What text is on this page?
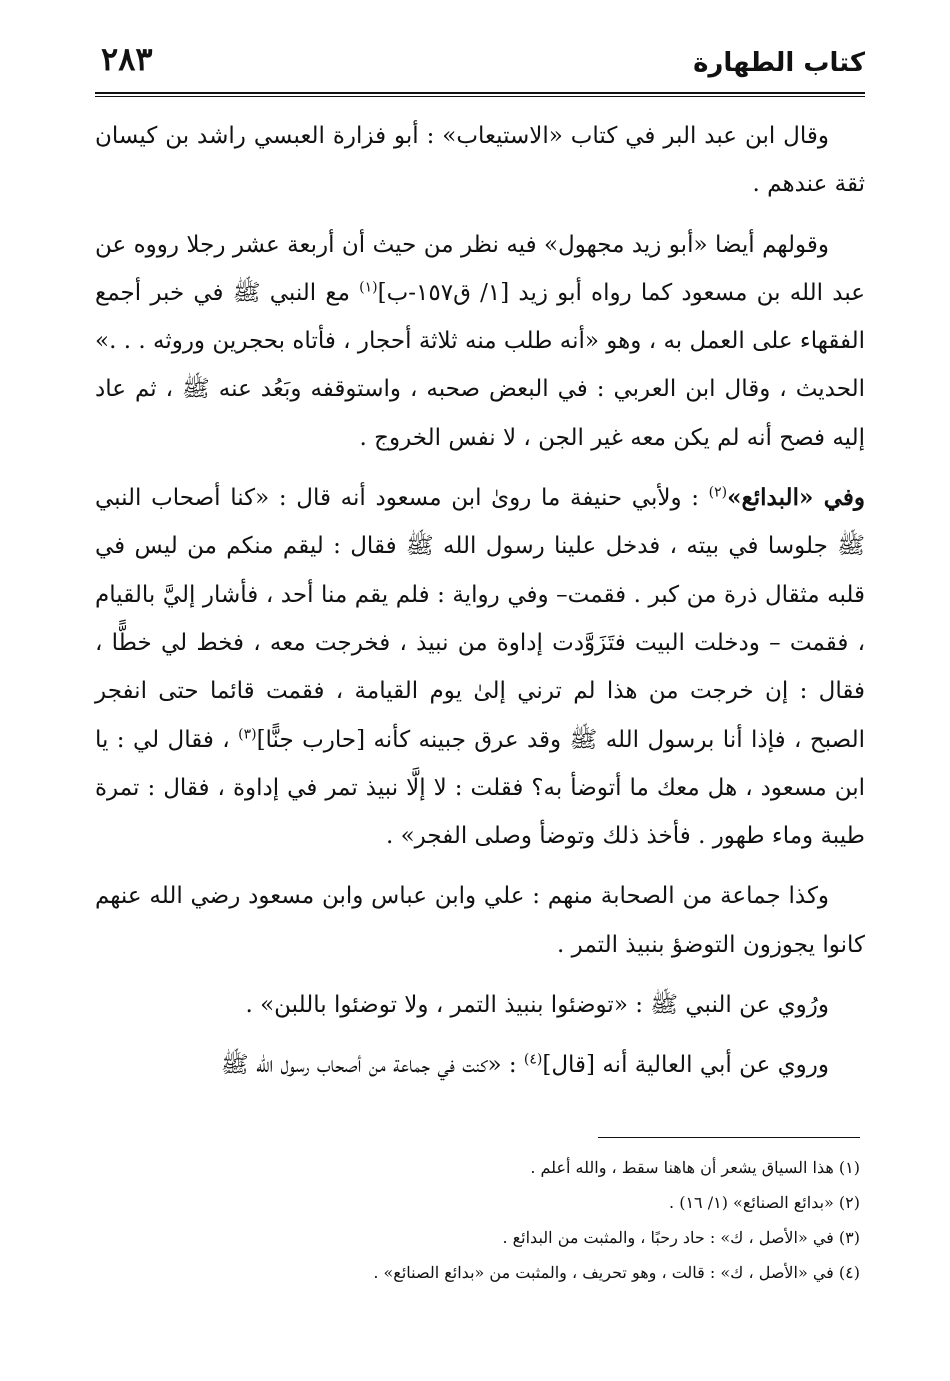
كتاب الطهارة
٢٨٣

وقال ابن عبد البر في كتاب «الاستيعاب» : أبو فزارة العبسي راشد بن كيسان ثقة عندهم .

وقولهم أيضا «أبو زيد مجهول» فيه نظر من حيث أن أربعة عشر رجلا رووه عن عبد الله بن مسعود كما رواه أبو زيد [١/ ق١٥٧-ب]$^{(١)}$ مع النبي ﷺ في خبر أجمع الفقهاء على العمل به ، وهو «أنه طلب منه ثلاثة أحجار ، فأتاه بحجرين وروثه . . .» الحديث ، وقال ابن العربي : في البعض صحبه ، واستوقفه وبَعُد عنه ﷺ ، ثم عاد إليه فصح أنه لم يكن معه غير الجن ، لا نفس الخروج .

وفي «البدائع»$^{(٢)}$ : ولأبي حنيفة ما روىٰ ابن مسعود أنه قال : «كنا أصحاب النبي ﷺ جلوسا في بيته ، فدخل علينا رسول الله ﷺ فقال : ليقم منكم من ليس في قلبه مثقال ذرة من كبر . فقمت– وفي رواية : فلم يقم منا أحد ، فأشار إليَّ بالقيام ، فقمت – ودخلت البيت فتَزَوَّدت إداوة من نبيذ ، فخرجت معه ، فخط لي خطًّا ، فقال : إن خرجت من هذا لم ترني إلىٰ يوم القيامة ، فقمت قائما حتى انفجر الصبح ، فإذا أنا برسول الله ﷺ وقد عرق جبينه كأنه [حارب جنًّا]$^{(٣)}$ ، فقال لي : يا ابن مسعود ، هل معك ما أتوضأ به؟ فقلت : لا إلَّا نبيذ تمر في إداوة ، فقال : تمرة طيبة وماء طهور . فأخذ ذلك وتوضأ وصلى الفجر» .

وكذا جماعة من الصحابة منهم : علي وابن عباس وابن مسعود رضي الله عنهم كانوا يجوزون التوضؤ بنبيذ التمر .

ورُوي عن النبي ﷺ : «توضئوا بنبيذ التمر ، ولا توضئوا باللبن» .

وروي عن أبي العالية أنه [قال]$^{(٤)}$ : «كنت في جماعة من أصحاب رسول الله ﷺ

(١) هذا السياق يشعر أن هاهنا سقط ، والله أعلم .
(٢) «بدائع الصنائع» (١/ ١٦) .
(٣) في «الأصل ، ك» : حاد رحبًا ، والمثبت من البدائع .
(٤) في «الأصل ، ك» : قالت ، وهو تحريف ، والمثبت من «بدائع الصنائع» .
